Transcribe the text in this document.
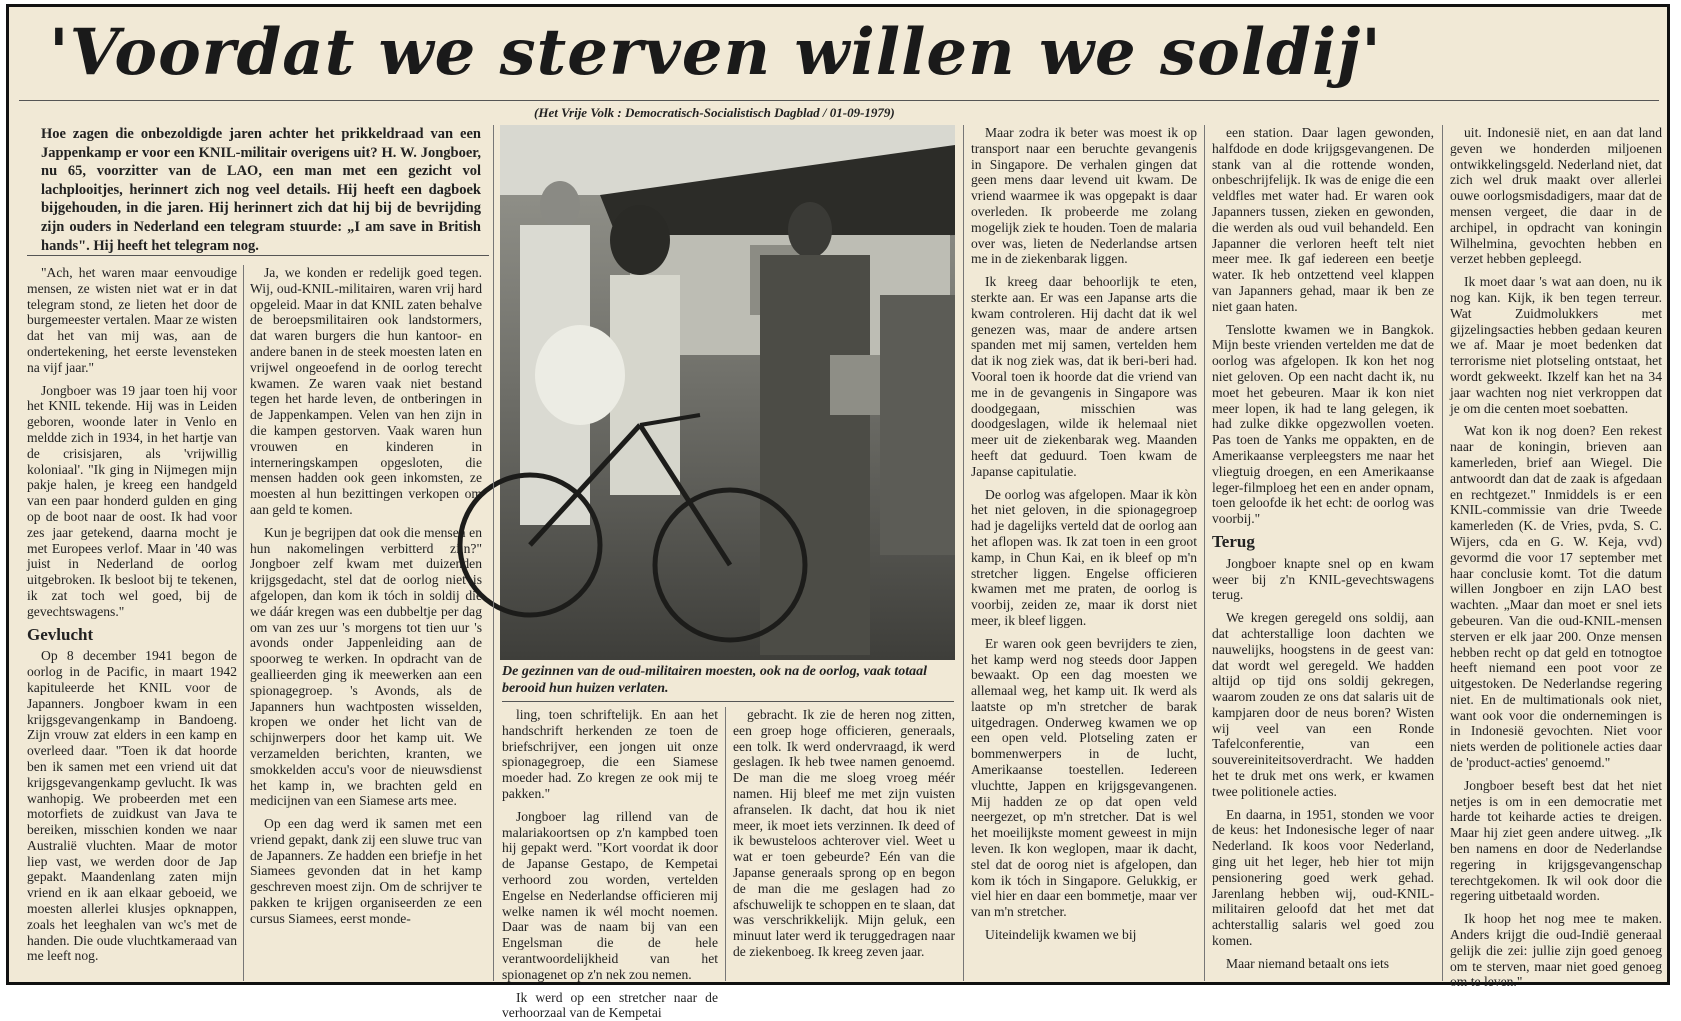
'Voordat we sterven willen we soldij'
(Het Vrije Volk : Democratisch-Socialistisch Dagblad / 01-09-1979)
Hoe zagen die onbezoldigde jaren achter het prikkeldraad van een Jappenkamp er voor een KNIL-militair overigens uit? H. W. Jongboer, nu 65, voorzitter van de LAO, een man met een gezicht vol lachplooitjes, herinnert zich nog veel details. Hij heeft een dagboek bijgehouden, in die jaren. Hij herinnert zich dat hij bij de bevrijding zijn ouders in Nederland een telegram stuurde: „I am save in British hands". Hij heeft het telegram nog.

"Ach, het waren maar eenvoudige mensen, ze wisten niet wat er in dat telegram stond, ze lieten het door de burgemeester vertalen. Maar ze wisten dat het van mij was, aan de ondertekening, het eerste levensteken na vijf jaar."

Jongboer was 19 jaar toen hij voor het KNIL tekende. Hij was in Leiden geboren, woonde later in Venlo en meldde zich in 1934, in het hartje van de crisisjaren, als 'vrijwillig koloniaal'. "Ik ging in Nijmegen mijn pakje halen, je kreeg een handgeld van een paar honderd gulden en ging op de boot naar de oost. Ik had voor zes jaar getekend, daarna mocht je met Europees verlof. Maar in '40 was juist in Nederland de oorlog uitgebroken. Ik besloot bij te tekenen, ik zat toch wel goed, bij de gevechtswagens."

Gevlucht

Op 8 december 1941 begon de oorlog in de Pacific, in maart 1942 kapituleerde het KNIL voor de Japanners. Jongboer kwam in een krijgsgevangenkamp in Bandoeng. Zijn vrouw zat elders in een kamp en overleed daar. "Toen ik dat hoorde ben ik samen met een vriend uit dat krijgsgevangenkamp gevlucht. Ik was wanhopig. We probeerden met een motorfiets de zuidkust van Java te bereiken, misschien konden we naar Australië vluchten. Maar de motor liep vast, we werden door de Jap gepakt. Maandenlang zaten mijn vriend en ik aan elkaar geboeid, we moesten allerlei klusjes opknappen, zoals het leeghalen van wc's met de handen. Die oude vluchtkameraad van me leeft nog.

Ja, we konden er redelijk goed tegen. Wij, oud-KNIL-militairen, waren vrij hard opgeleid. Maar in dat KNIL zaten behalve de beroepsmilitairen ook landstormers, dat waren burgers die hun kantoor- en andere banen in de steek moesten laten en vrijwel ongeoefend in de oorlog terecht kwamen. Ze waren vaak niet bestand tegen het harde leven, de ontberingen in de Jappenkampen. Velen van hen zijn in die kampen gestorven. Vaak waren hun vrouwen en kinderen in interneringskampen opgesloten, die mensen hadden ook geen inkomsten, ze moesten al hun bezittingen verkopen om aan geld te komen.

Kun je begrijpen dat ook die mensen en hun nakomelingen verbitterd zijn?" Jongboer zelf kwam met duizenden krijgsgedacht, stel dat de oorlog niet is afgelopen, dan kom ik tóch in soldij die we dáár kregen was een dubbeltje per dag om van zes uur 's morgens tot tien uur 's avonds onder Jappenleiding aan de spoorweg te werken. In opdracht van de geallieerden ging ik meewerken aan een spionagegroep. 's Avonds, als de Japanners hun wachtposten wisselden, kropen we onder het licht van de schijnwerpers door het kamp uit. We verzamelden berichten, kranten, we smokkelden accu's voor de nieuwsdienst het kamp in, we brachten geld en medicijnen van een Siamese arts mee.

Op een dag werd ik samen met een vriend gepakt, dank zij een sluwe truc van de Japanners. Ze hadden een briefje in het Siamees gevonden dat in het kamp geschreven moest zijn. Om de schrijver te pakken te krijgen organiseerden ze een cursus Siamees, eerst monde-

De gezinnen van de oud-militairen moesten, ook na de oorlog, vaak totaal berooid hun huizen verlaten.

ling, toen schriftelijk. En aan het handschrift herkenden ze toen de briefschrijver, een jongen uit onze spionagegroep, die een Siamese moeder had. Zo kregen ze ook mij te pakken."

Jongboer lag rillend van de malariakoortsen op z'n kampbed toen hij gepakt werd. "Kort voordat ik door de Japanse Gestapo, de Kempetai verhoord zou worden, vertelden Engelse en Nederlandse officieren mij welke namen ik wél mocht noemen. Daar was de naam bij van een Engelsman die de hele verantwoordelijkheid van het spionagenet op z'n nek zou nemen.

Ik werd op een stretcher naar de verhoorzaal van de Kempetai

gebracht. Ik zie de heren nog zitten, een groep hoge officieren, generaals, een tolk. Ik werd ondervraagd, ik werd geslagen. Ik heb twee namen genoemd. De man die me sloeg vroeg méér namen. Hij bleef me met zijn vuisten afranselen. Ik dacht, dat hou ik niet meer, ik moet iets verzinnen. Ik deed of ik bewusteloos achterover viel. Weet u wat er toen gebeurde? Eén van die Japanse generaals sprong op en begon de man die me geslagen had zo afschuwelijk te schoppen en te slaan, dat was verschrikkelijk. Mijn geluk, een minuut later werd ik teruggedragen naar de ziekenboeg. Ik kreeg zeven jaar.

Maar zodra ik beter was moest ik op transport naar een beruchte gevangenis in Singapore. De verhalen gingen dat geen mens daar levend uit kwam. De vriend waarmee ik was opgepakt is daar overleden. Ik probeerde me zolang mogelijk ziek te houden. Toen de malaria over was, lieten de Nederlandse artsen me in de ziekenbarak liggen.

Ik kreeg daar behoorlijk te eten, sterkte aan. Er was een Japanse arts die kwam controleren. Hij dacht dat ik wel genezen was, maar de andere artsen spanden met mij samen, vertelden hem dat ik nog ziek was, dat ik beri-beri had. Vooral toen ik hoorde dat die vriend van me in de gevangenis in Singapore was doodgegaan, misschien was doodgeslagen, wilde ik helemaal niet meer uit de ziekenbarak weg. Maanden heeft dat geduurd. Toen kwam de Japanse capitulatie.

De oorlog was afgelopen. Maar ik kòn het niet geloven, in die spionagegroep had je dagelijks verteld dat de oorlog aan het aflopen was. Ik zat toen in een groot kamp, in Chun Kai, en ik bleef op m'n stretcher liggen. Engelse officieren kwamen met me praten, de oorlog is voorbij, zeiden ze, maar ik dorst niet meer, ik bleef liggen.

Er waren ook geen bevrijders te zien, het kamp werd nog steeds door Jappen bewaakt. Op een dag moesten we allemaal weg, het kamp uit. Ik werd als laatste op m'n stretcher de barak uitgedragen. Onderweg kwamen we op een open veld. Plotseling zaten er bommenwerpers in de lucht, Amerikaanse toestellen. Iedereen vluchtte, Jappen en krijgsgevangenen. Mij hadden ze op dat open veld neergezet, op m'n stretcher. Dat is wel het moeilijkste moment geweest in mijn leven. Ik kon weglopen, maar ik dacht, stel dat de oorog niet is afgelopen, dan kom ik tóch in Singapore. Gelukkig, er viel hier en daar een bommetje, maar ver van m'n stretcher.

Uiteindelijk kwamen we bij

een station. Daar lagen gewonden, halfdode en dode krijgsgevangenen. De stank van al die rottende wonden, onbeschrijfelijk. Ik was de enige die een veldfles met water had. Er waren ook Japanners tussen, zieken en gewonden, die werden als oud vuil behandeld. Een Japanner die verloren heeft telt niet meer mee. Ik gaf iedereen een beetje water. Ik heb ontzettend veel klappen van Japanners gehad, maar ik ben ze niet gaan haten.

Tenslotte kwamen we in Bangkok. Mijn beste vrienden vertelden me dat de oorlog was afgelopen. Ik kon het nog niet geloven. Op een nacht dacht ik, nu moet het gebeuren. Maar ik kon niet meer lopen, ik had te lang gelegen, ik had zulke dikke opgezwollen voeten. Pas toen de Yanks me oppakten, en de Amerikaanse verpleegsters me naar het vliegtuig droegen, en een Amerikaanse leger-filmploeg het een en ander opnam, toen geloofde ik het echt: de oorlog was voorbij."

Terug

Jongboer knapte snel op en kwam weer bij z'n KNIL-gevechtswagens terug.

We kregen geregeld ons soldij, aan dat achterstallige loon dachten we nauwelijks, hoogstens in de geest van: dat wordt wel geregeld. We hadden altijd op tijd ons soldij gekregen, waarom zouden ze ons dat salaris uit de kampjaren door de neus boren? Wisten wij veel van een Ronde Tafelconferentie, van een souvereiniteitsoverdracht. We hadden het te druk met ons werk, er kwamen twee politionele acties.

En daarna, in 1951, stonden we voor de keus: het Indonesische leger of naar Nederland. Ik koos voor Nederland, ging uit het leger, heb hier tot mijn pensionering goed werk gehad. Jarenlang hebben wij, oud-KNIL-militairen geloofd dat het met dat achterstallig salaris wel goed zou komen.

Maar niemand betaalt ons iets

uit. Indonesië niet, en aan dat land geven we honderden miljoenen ontwikkelingsgeld. Nederland niet, dat zich wel druk maakt over allerlei ouwe oorlogsmisdadigers, maar dat de mensen vergeet, die daar in de archipel, in opdracht van koningin Wilhelmina, gevochten hebben en verzet hebben gepleegd.

Ik moet daar 's wat aan doen, nu ik nog kan. Kijk, ik ben tegen terreur. Wat Zuidmolukkers met gijzelingsacties hebben gedaan keuren we af. Maar je moet bedenken dat terrorisme niet plotseling ontstaat, het wordt gekweekt. Ikzelf kan het na 34 jaar wachten nog niet verkroppen dat je om die centen moet soebatten.

Wat kon ik nog doen? Een rekest naar de koningin, brieven aan kamerleden, brief aan Wiegel. Die antwoordt dan dat de zaak is afgedaan en rechtgezet." Inmiddels is er een KNIL-commissie van drie Tweede kamerleden (K. de Vries, pvda, S. C. Wijers, cda en G. W. Keja, vvd) gevormd die voor 17 september met haar conclusie komt. Tot die datum willen Jongboer en zijn LAO best wachten. „Maar dan moet er snel iets gebeuren. Van die oud-KNIL-mensen sterven er elk jaar 200. Onze mensen hebben recht op dat geld en totnogtoe heeft niemand een poot voor ze uitgestoken. De Nederlandse regering niet. En de multimationals ook niet, want ook voor die ondernemingen is in Indonesië gevochten. Niet voor niets werden de politionele acties daar de 'product-acties' genoemd."

Jongboer beseft best dat het niet netjes is om in een democratie met harde tot keiharde acties te dreigen. Maar hij ziet geen andere uitweg. „Ik ben namens en door de Nederlandse regering in krijgsgevangenschap terechtgekomen. Ik wil ook door die regering uitbetaald worden.

Ik hoop het nog mee te maken. Anders krijgt die oud-Indië generaal gelijk die zei: jullie zijn goed genoeg om te sterven, maar niet goed genoeg om te leven."
